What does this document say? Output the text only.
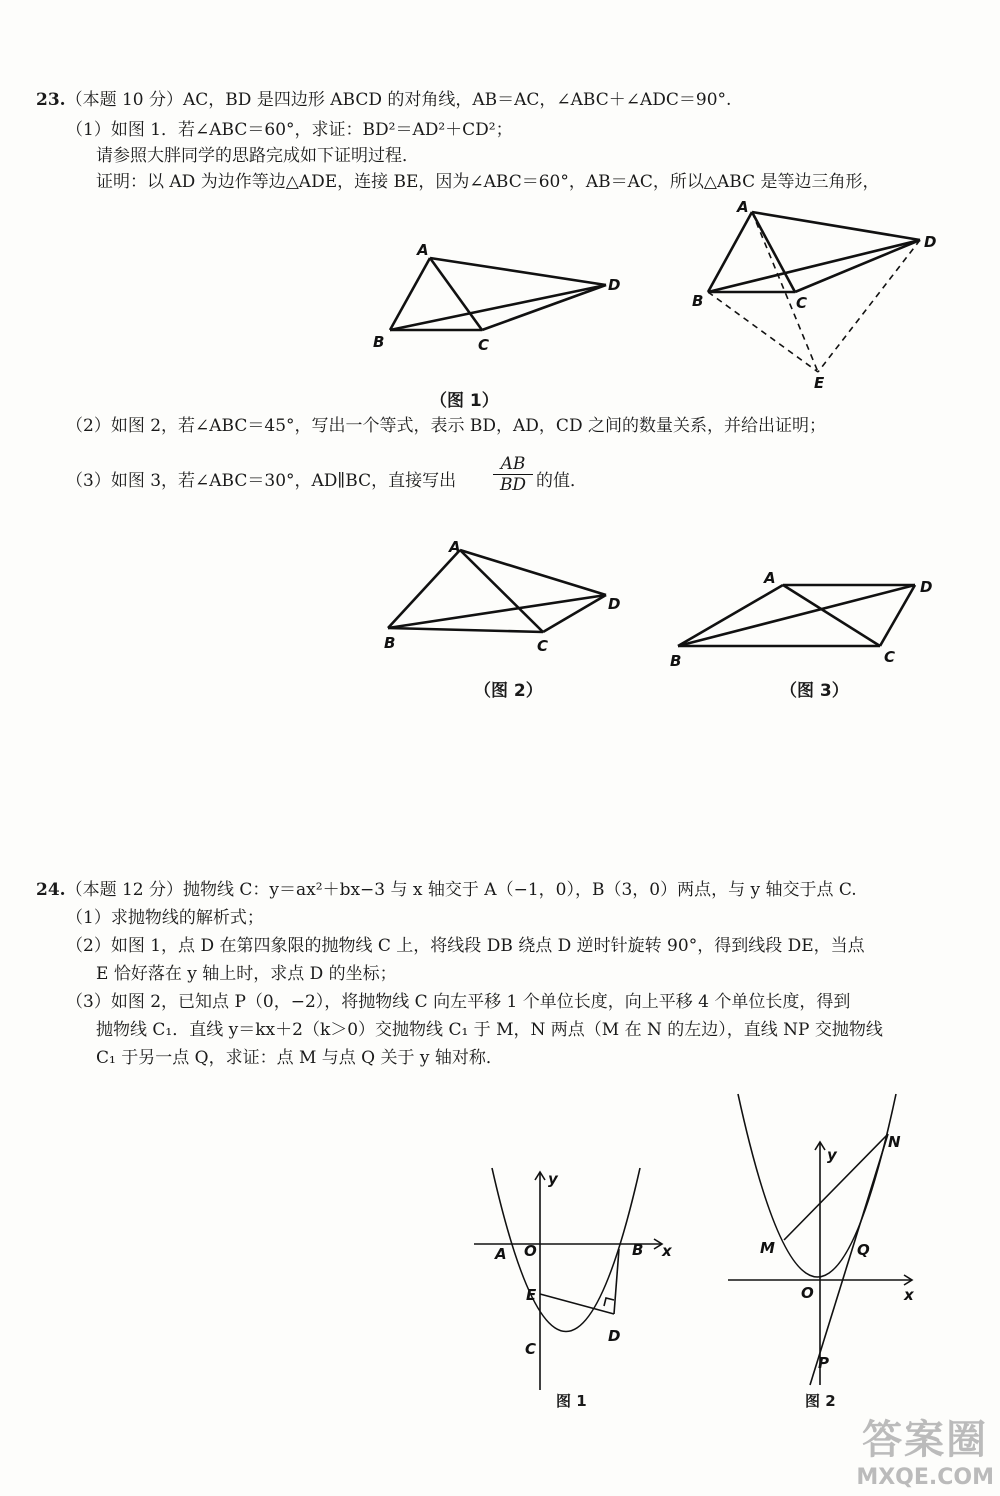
23.（本题 10 分）AC，BD 是四边形 ABCD 的对角线，AB＝AC，∠ABC＋∠ADC＝90°.
（1）如图 1．若∠ABC＝60°，求证：BD²＝AD²＋CD²；
请参照大胖同学的思路完成如下证明过程．
证明：以 AD 为边作等边△ADE，连接 BE，因为∠ABC＝60°，AB＝AC，所以△ABC 是等边三角形，
A
B	C
D
A
B	C
D
E
A
B	C
D
A
B	C
D
A O	B x
y
E
D
C
M
N
Q
O	x
y
P
（图 1）
（2）如图 2，若∠ABC＝45°，写出一个等式，表示 BD，AD，CD 之间的数量关系，并给出证明；
（3）如图 3，若∠ABC＝30°，AD∥BC，直接写出 $\frac{AB}{BD}$ 的值．
（图 2）	（图 3）
24.（本题 12 分）抛物线 C：y＝ax²＋bx−3 与 x 轴交于 A（−1，0），B（3，0）两点，与 y 轴交于点 C.
（1）求抛物线的解析式；
（2）如图 1，点 D 在第四象限的抛物线 C 上，将线段 DB 绕点 D 逆时针旋转 90°，得到线段 DE，当点
E 恰好落在 y 轴上时，求点 D 的坐标；
（3）如图 2，已知点 P（0，−2），将抛物线 C 向左平移 1 个单位长度，向上平移 4 个单位长度，得到
抛物线 C₁．直线 y＝kx＋2（k＞0）交抛物线 C₁ 于 M，N 两点（M 在 N 的左边），直线 NP 交抛物线
C₁ 于另一点 Q，求证：点 M 与点 Q 关于 y 轴对称．
图 1	图 2
答案圈
MXQE.COM
